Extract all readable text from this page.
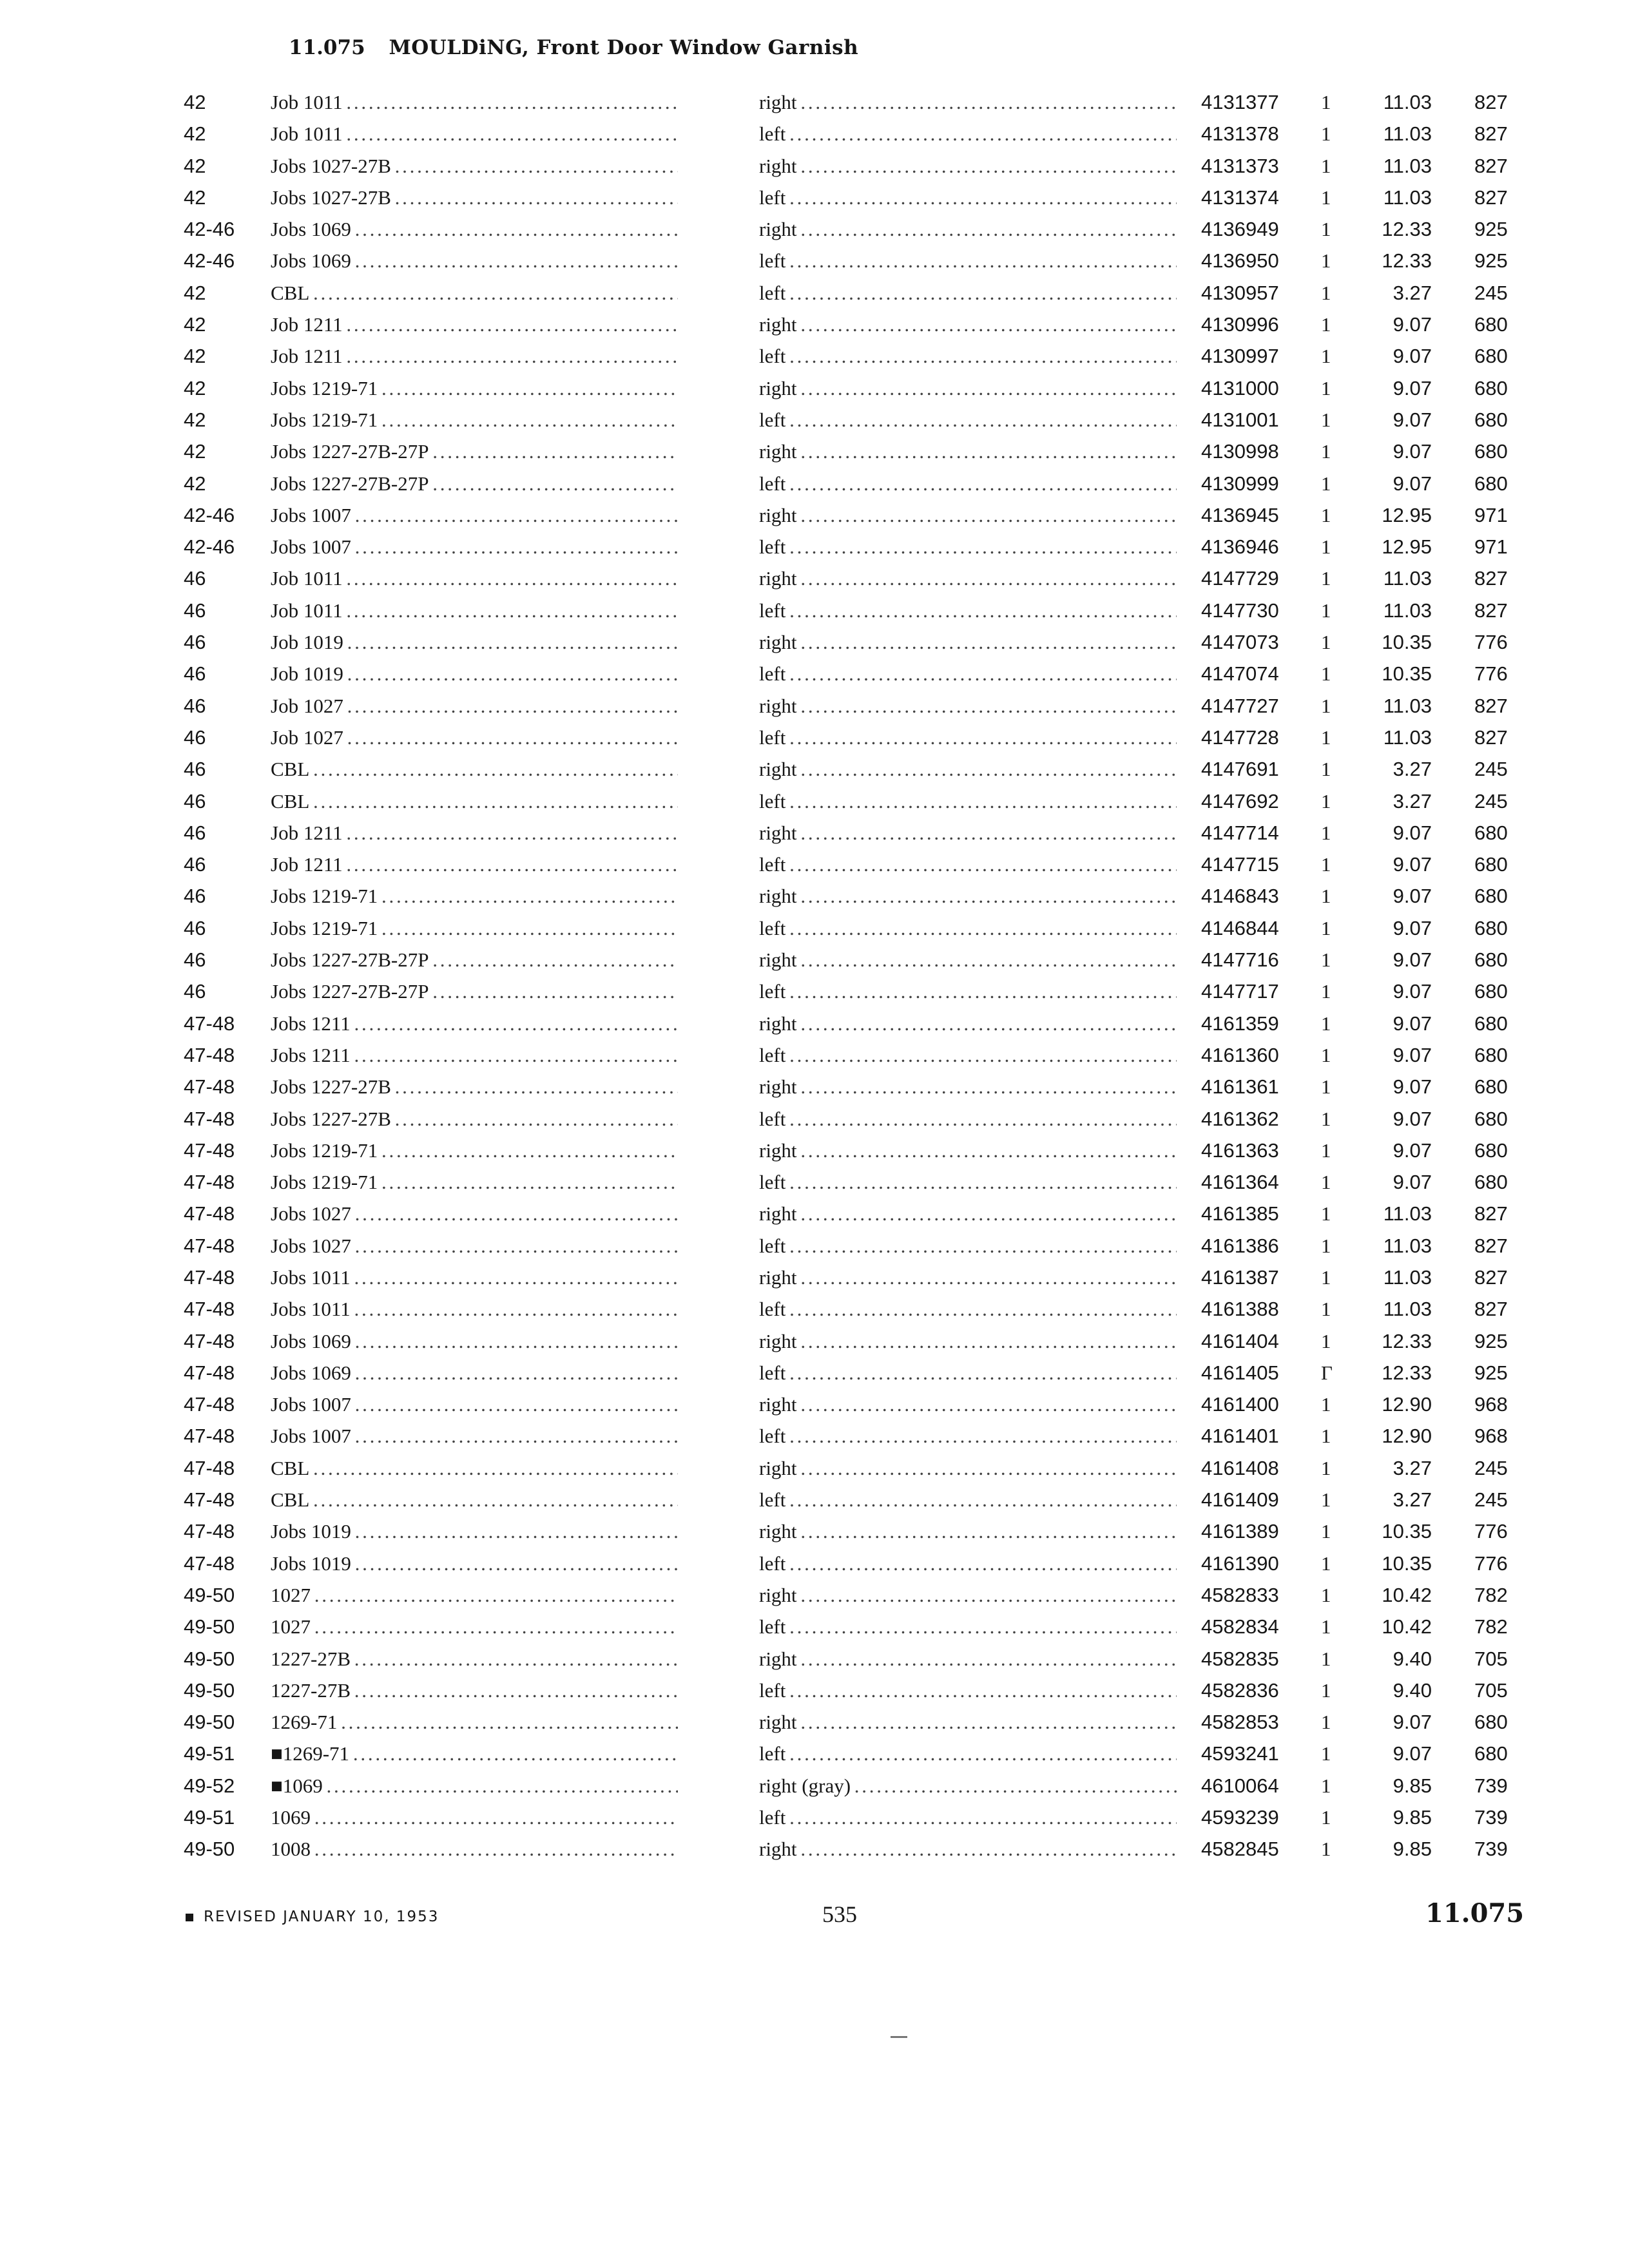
11.075 MOULDiNG, Front Door Window Garnish
42	Job 1011 . . .	right . . .	4131377 1	11.03 827
42	Job 1011 . . .	left . . .	4131378 1	11.03 827
42	Jobs 1027-27B . . .	right . . .	4131373 1	11.03 827
42	Jobs 1027-27B . . .	left . . .	4131374 1	11.03 827
42-46 Jobs 1069 . . .	right . . .	4136949 1	12.33 925
42-46 Jobs 1069 . . .	left . . .	4136950 1	12.33 925
42	CBL . . .	left . . .	4130957 1	3.27 245
42	Job 1211 . . .	right . . .	4130996 1	9.07 680
42	Job 1211 . . .	left . . .	4130997 1	9.07 680
42	Jobs 1219-71 . . .	right . . .	4131000 1	9.07 680
42	Jobs 1219-71 . . .	left . . .	4131001 1	9.07 680
42	Jobs 1227-27B-27P . . .	right . . .	4130998 1	9.07 680
42	Jobs 1227-27B-27P . . .	left . . .	4130999 1	9.07 680
42-46 Jobs 1007 . . .	right . . .	4136945 1	12.95 971
42-46 Jobs 1007 . . .	left . . .	4136946 1	12.95 971
46	Job 1011 . . .	right . . .	4147729 1	11.03 827
46	Job 1011 . . .	left . . .	4147730 1	11.03 827
46	Job 1019 . . .	right . . .	4147073 1	10.35 776
46	Job 1019 . . .	left . . .	4147074 1	10.35 776
46	Job 1027 . . .	right . . .	4147727 1	11.03 827
46	Job 1027 . . .	left . . .	4147728 1	11.03 827
46	CBL . . .	right . . .	4147691 1	3.27 245
46	CBL . . .	left . . .	4147692 1	3.27 245
46	Job 1211 . . .	right . . .	4147714 1	9.07 680
46	Job 1211 . . .	left . . .	4147715 1	9.07 680
46	Jobs 1219-71 . . .	right . . .	4146843 1	9.07 680
46	Jobs 1219-71 . . .	left . . .	4146844 1	9.07 680
46	Jobs 1227-27B-27P . . .	right . . .	4147716 1	9.07 680
46	Jobs 1227-27B-27P . . .	left . . .	4147717 1	9.07 680
47-48 Jobs 1211 . . .	right . . .	4161359 1	9.07 680
47-48 Jobs 1211 . . .	left . . .	4161360 1	9.07 680
47-48 Jobs 1227-27B . . .	right . . .	4161361 1	9.07 680
47-48 Jobs 1227-27B . . .	left . . .	4161362 1	9.07 680
47-48 Jobs 1219-71 . . .	right . . .	4161363 1	9.07 680
47-48 Jobs 1219-71 . . .	left . . .	4161364 1	9.07 680
47-48 Jobs 1027 . . .	right . . .	4161385 1	11.03 827
47-48 Jobs 1027 . . .	left . . .	4161386 1	11.03 827
47-48 Jobs 1011 . . .	right . . .	4161387 1	11.03 827
47-48 Jobs 1011 . . .	left . . .	4161388 1	11.03 827
47-48 Jobs 1069 . . .	right . . .	4161404 1	12.33 925
47-48 Jobs 1069 . . .	left . . .	4161405 Γ	12.33 925
47-48 Jobs 1007 . . .	right . . .	4161400 1	12.90 968
47-48 Jobs 1007 . . .	left . . .	4161401 1	12.90 968
47-48 CBL . . .	right . . .	4161408 1	3.27 245
47-48 CBL . . .	left . . .	4161409 1	3.27 245
47-48 Jobs 1019 . . .	right . . .	4161389 1	10.35 776
47-48 Jobs 1019 . . .	left . . .	4161390 1	10.35 776
49-50 1027 . . .	right . . .	4582833 1	10.42 782
49-50 1027 . . .	left . . .	4582834 1	10.42 782
49-50 1227-27B . . .	right . . .	4582835 1	9.40 705
49-50 1227-27B . . .	left . . .	4582836 1	9.40 705
49-50 1269-71 . . .	right . . .	4582853 1	9.07 680
49-51 ■1269-71 . . .	left . . .	4593241 1	9.07 680
49-52 ■1069 . . .	right (gray) . . .	4610064 1	9.85 739
49-51 1069 . . .	left . . .	4593239 1	9.85 739
49-50 1008 . . .	right . . .	4582845 1	9.85 739
REVISED JANUARY 10, 1953	535	11.075
